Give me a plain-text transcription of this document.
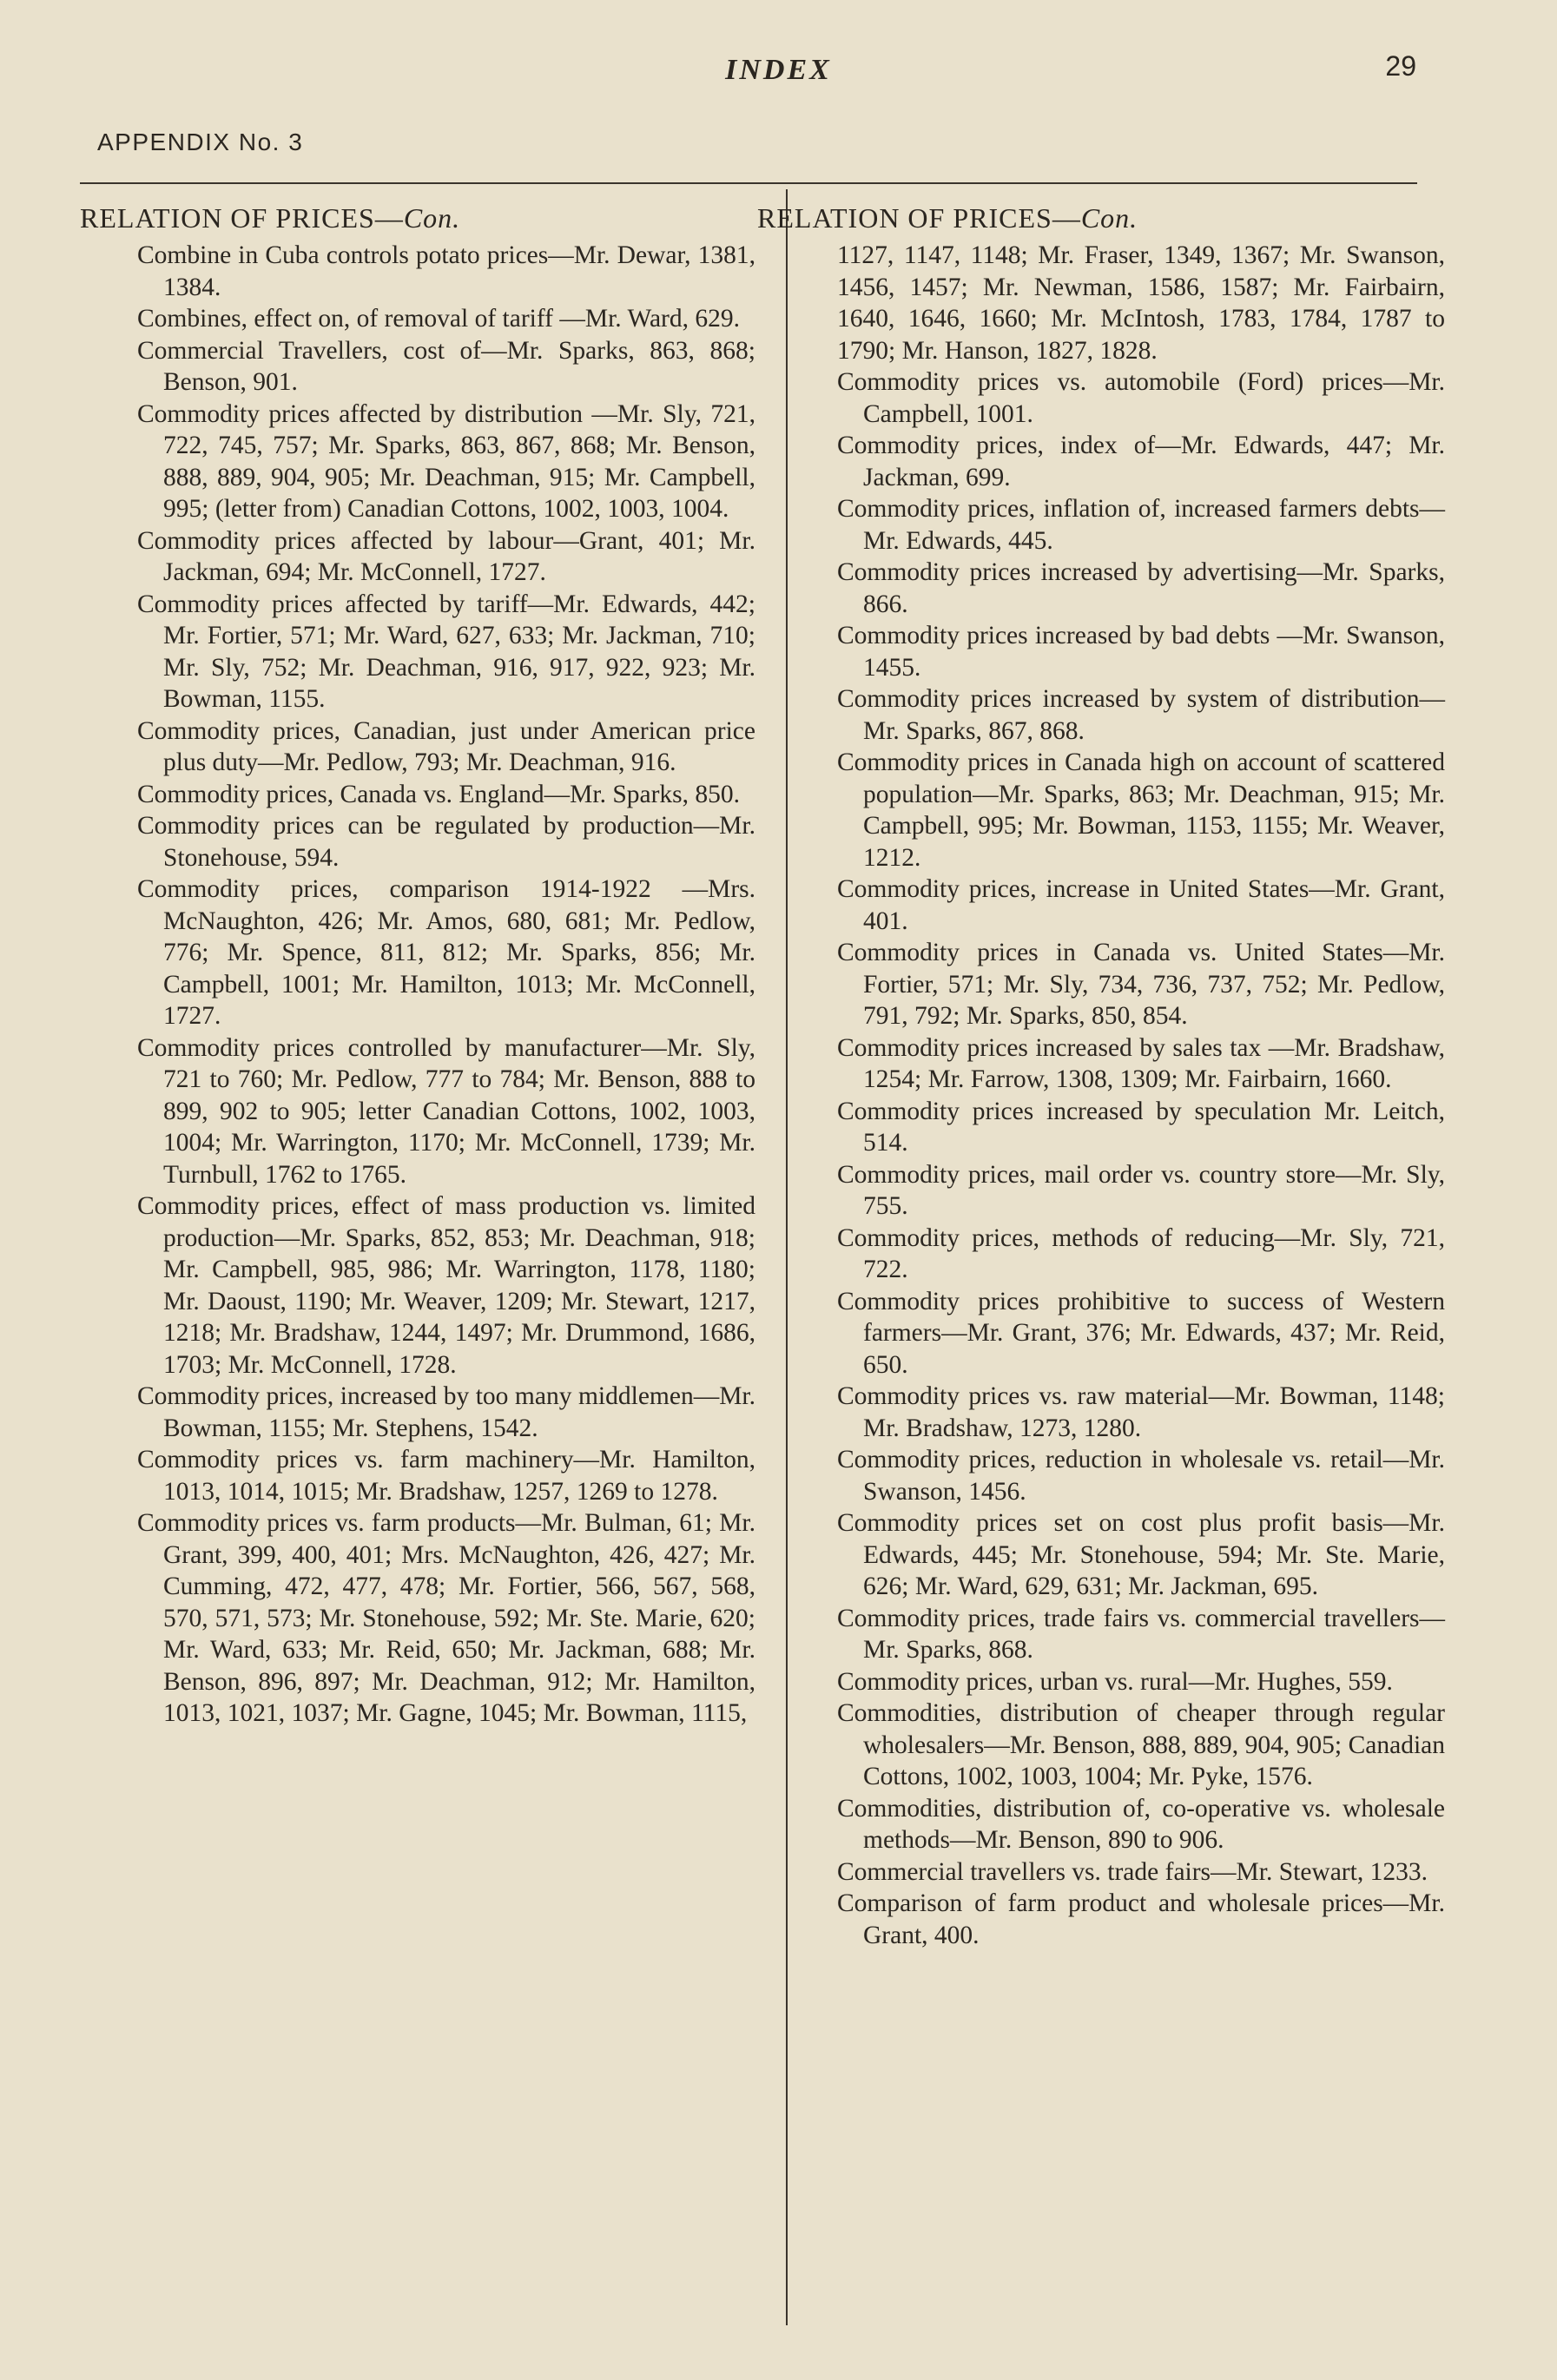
INDEX	29
APPENDIX No. 3
RELATION OF PRICES—Con.

Combine in Cuba controls potato prices—Mr. Dewar, 1381, 1384.

Combines, effect on, of removal of tariff —Mr. Ward, 629.

Commercial Travellers, cost of—Mr. Sparks, 863, 868; Benson, 901.

Commodity prices affected by distribution —Mr. Sly, 721, 722, 745, 757; Mr. Sparks, 863, 867, 868; Mr. Benson, 888, 889, 904, 905; Mr. Deachman, 915; Mr. Campbell, 995; (letter from) Canadian Cottons, 1002, 1003, 1004.

Commodity prices affected by labour—Grant, 401; Mr. Jackman, 694; Mr. McConnell, 1727.

Commodity prices affected by tariff—Mr. Edwards, 442; Mr. Fortier, 571; Mr. Ward, 627, 633; Mr. Jackman, 710; Mr. Sly, 752; Mr. Deachman, 916, 917, 922, 923; Mr. Bowman, 1155.

Commodity prices, Canadian, just under American price plus duty—Mr. Pedlow, 793; Mr. Deachman, 916.

Commodity prices, Canada vs. England—Mr. Sparks, 850.

Commodity prices can be regulated by production—Mr. Stonehouse, 594.

Commodity prices, comparison 1914-1922 —Mrs. McNaughton, 426; Mr. Amos, 680, 681; Mr. Pedlow, 776; Mr. Spence, 811, 812; Mr. Sparks, 856; Mr. Campbell, 1001; Mr. Hamilton, 1013; Mr. McConnell, 1727.

Commodity prices controlled by manufacturer—Mr. Sly, 721 to 760; Mr. Pedlow, 777 to 784; Mr. Benson, 888 to 899, 902 to 905; letter Canadian Cottons, 1002, 1003, 1004; Mr. Warrington, 1170; Mr. McConnell, 1739; Mr. Turnbull, 1762 to 1765.

Commodity prices, effect of mass production vs. limited production—Mr. Sparks, 852, 853; Mr. Deachman, 918; Mr. Campbell, 985, 986; Mr. Warrington, 1178, 1180; Mr. Daoust, 1190; Mr. Weaver, 1209; Mr. Stewart, 1217, 1218; Mr. Bradshaw, 1244, 1497; Mr. Drummond, 1686, 1703; Mr. McConnell, 1728.

Commodity prices, increased by too many middlemen—Mr. Bowman, 1155; Mr. Stephens, 1542.

Commodity prices vs. farm machinery—Mr. Hamilton, 1013, 1014, 1015; Mr. Bradshaw, 1257, 1269 to 1278.

Commodity prices vs. farm products—Mr. Bulman, 61; Mr. Grant, 399, 400, 401; Mrs. McNaughton, 426, 427; Mr. Cumming, 472, 477, 478; Mr. Fortier, 566, 567, 568, 570, 571, 573; Mr. Stonehouse, 592; Mr. Ste. Marie, 620; Mr. Ward, 633; Mr. Reid, 650; Mr. Jackman, 688; Mr. Benson, 896, 897; Mr. Deachman, 912; Mr. Hamilton, 1013, 1021, 1037; Mr. Gagne, 1045; Mr. Bowman, 1115,

RELATION OF PRICES—Con.

1127, 1147, 1148; Mr. Fraser, 1349, 1367; Mr. Swanson, 1456, 1457; Mr. Newman, 1586, 1587; Mr. Fairbairn, 1640, 1646, 1660; Mr. McIntosh, 1783, 1784, 1787 to 1790; Mr. Hanson, 1827, 1828.

Commodity prices vs. automobile (Ford) prices—Mr. Campbell, 1001.

Commodity prices, index of—Mr. Edwards, 447; Mr. Jackman, 699.

Commodity prices, inflation of, increased farmers debts—Mr. Edwards, 445.

Commodity prices increased by advertising—Mr. Sparks, 866.

Commodity prices increased by bad debts —Mr. Swanson, 1455.

Commodity prices increased by system of distribution—Mr. Sparks, 867, 868.

Commodity prices in Canada high on account of scattered population—Mr. Sparks, 863; Mr. Deachman, 915; Mr. Campbell, 995; Mr. Bowman, 1153, 1155; Mr. Weaver, 1212.

Commodity prices, increase in United States—Mr. Grant, 401.

Commodity prices in Canada vs. United States—Mr. Fortier, 571; Mr. Sly, 734, 736, 737, 752; Mr. Pedlow, 791, 792; Mr. Sparks, 850, 854.

Commodity prices increased by sales tax —Mr. Bradshaw, 1254; Mr. Farrow, 1308, 1309; Mr. Fairbairn, 1660.

Commodity prices increased by speculation Mr. Leitch, 514.

Commodity prices, mail order vs. country store—Mr. Sly, 755.

Commodity prices, methods of reducing—Mr. Sly, 721, 722.

Commodity prices prohibitive to success of Western farmers—Mr. Grant, 376; Mr. Edwards, 437; Mr. Reid, 650.

Commodity prices vs. raw material—Mr. Bowman, 1148; Mr. Bradshaw, 1273, 1280.

Commodity prices, reduction in wholesale vs. retail—Mr. Swanson, 1456.

Commodity prices set on cost plus profit basis—Mr. Edwards, 445; Mr. Stonehouse, 594; Mr. Ste. Marie, 626; Mr. Ward, 629, 631; Mr. Jackman, 695.

Commodity prices, trade fairs vs. commercial travellers—Mr. Sparks, 868.

Commodity prices, urban vs. rural—Mr. Hughes, 559.

Commodities, distribution of cheaper through regular wholesalers—Mr. Benson, 888, 889, 904, 905; Canadian Cottons, 1002, 1003, 1004; Mr. Pyke, 1576.

Commodities, distribution of, co-operative vs. wholesale methods—Mr. Benson, 890 to 906.

Commercial travellers vs. trade fairs—Mr. Stewart, 1233.

Comparison of farm product and wholesale prices—Mr. Grant, 400.
